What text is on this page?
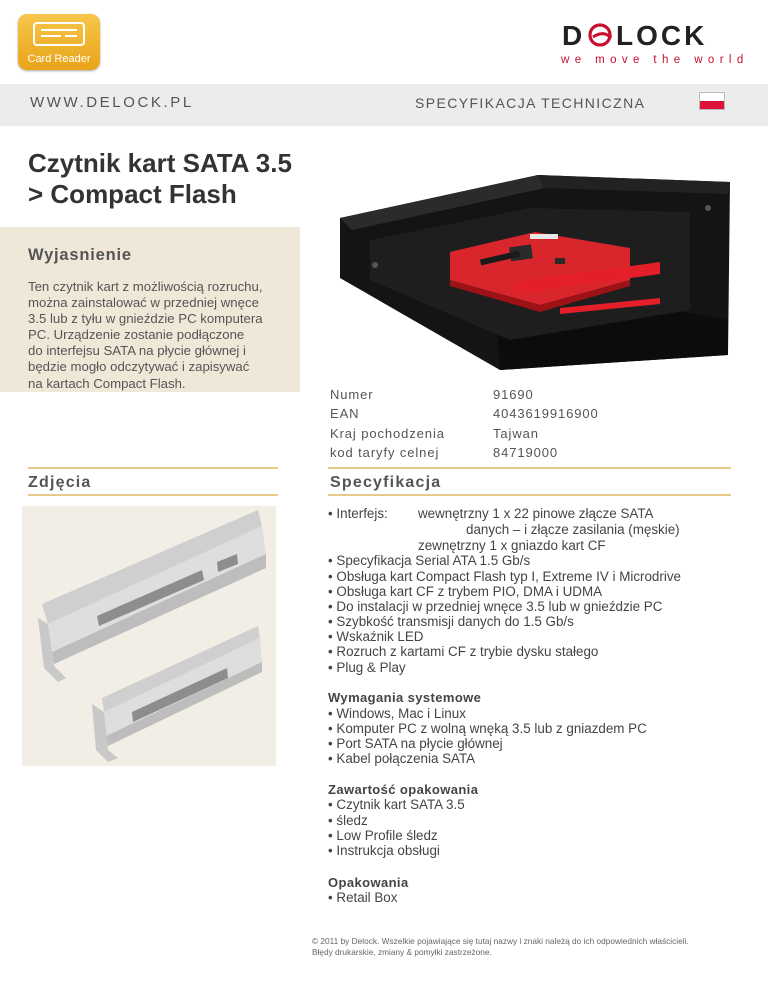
Card Reader
D LOCK
we move the world
WWW.DELOCK.PL	SPECYFIKACJA TECHNICZNA
Czytnik kart SATA 3.5
> Compact Flash
Wyjasnienie
Ten czytnik kart z możliwością rozruchu,
można zainstalować w przedniej wnęce
3.5 lub z tyłu w gnieździe PC komputera
PC. Urządzenie zostanie podłączone
do interfejsu SATA na płycie głównej i
będzie mogło odczytywać i zapisywać
na kartach Compact Flash.
Numer	91690
EAN	4043619916900
Kraj pochodzenia	Tajwan
kod taryfy celnej	84719000
Zdjęcia	Specyfikacja
• Interfejs: wewnętrzny 1 x 22 pinowe złącze SATA
danych – i złącze zasilania (męskie)
zewnętrzny 1 x gniazdo kart CF
• Specyfikacja Serial ATA 1.5 Gb/s
• Obsługa kart Compact Flash typ I, Extreme IV i Microdrive
• Obsługa kart CF z trybem PIO, DMA i UDMA
• Do instalacji w przedniej wnęce 3.5 lub w gnieździe PC
• Szybkość transmisji danych do 1.5 Gb/s
• Wskaźnik LED
• Rozruch z kartami CF z trybie dysku stałego
• Plug & Play
Wymagania systemowe
• Windows, Mac i Linux
• Komputer PC z wolną wnęką 3.5 lub z gniazdem PC
• Port SATA na płycie głównej
• Kabel połączenia SATA
Zawartość opakowania
• Czytnik kart SATA 3.5
• śledz
• Low Profile śledz
• Instrukcja obsługi
Opakowania
• Retail Box
© 2011 by Delock. Wszelkie pojawiające się tutaj nazwy i znaki należą do ich odpowiednich właścicieli.
Błędy drukarskie, zmiany & pomyłki zastrzeżone.
